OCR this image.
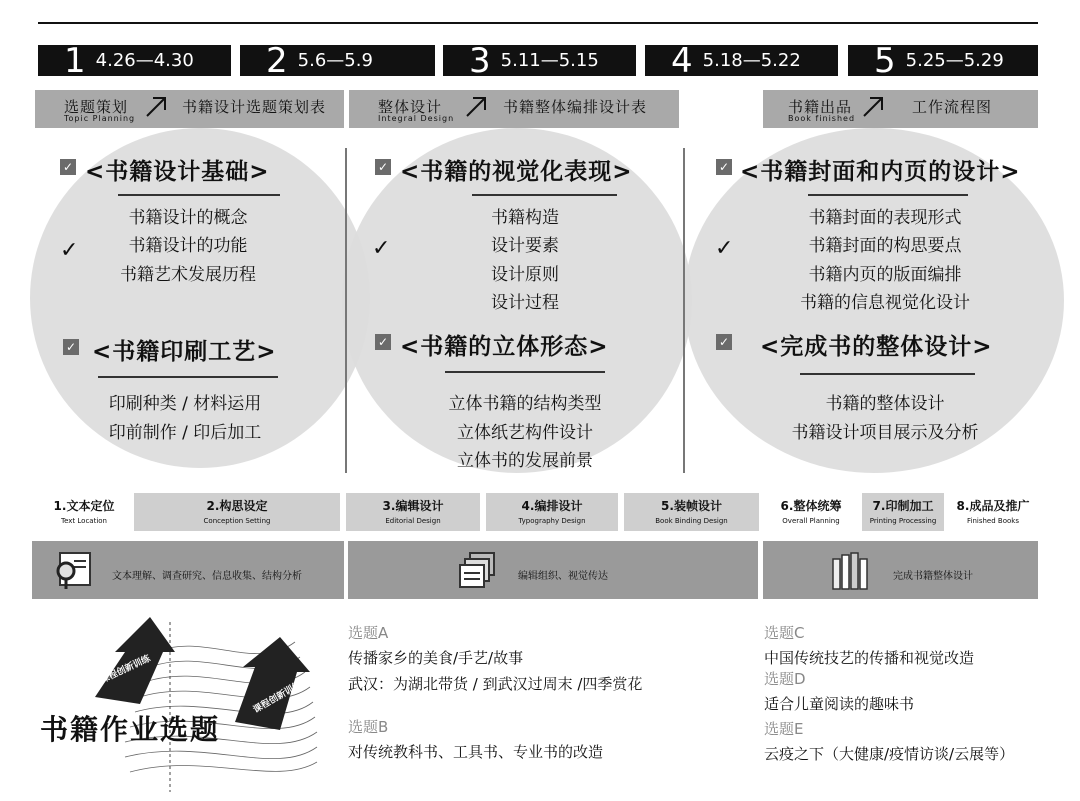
1 4.26—4.30 2 5.6—5.9	3 5.11—5.15 4 5.18—5.22 5 5.25—5.29
选题策划
Topic Planning
书籍设计选题策划表	整体设计
Integral Design
书籍整体编排设计表	书籍出品
Book finished
工作流程图
✓ <书籍设计基础>
✓
书籍设计的概念
书籍设计的功能
书籍艺术发展历程
✓ <书籍印刷工艺>
印刷种类 / 材料运用
印前制作 / 印后加工
✓ <书籍的视觉化表现>
✓
书籍构造
设计要素
设计原则
设计过程
✓ <书籍的立体形态>
立体书籍的结构类型
立体纸艺构件设计
立体书的发展前景
✓ <书籍封面和内页的设计>
✓
书籍封面的表现形式
书籍封面的构思要点
书籍内页的版面编排
书籍的信息视觉化设计
✓ <完成书的整体设计>
书籍的整体设计
书籍设计项目展示及分析
1.文本定位
Text Location
2.构思设定
Conception Setting
3.编辑设计
Editorial Design
4.编排设计
Typography Design
5.装帧设计
Book Binding Design
6.整体统筹
Overall Planning
7.印制加工
Printing Processing
8.成品及推广
Finished Books
文本理解、调查研究、信息收集、结构分析	编辑组织、视觉传达	完成书籍整体设计
课程创新训练
课程创新训练
书籍作业选题
选题A
传播家乡的美食/手艺/故事
武汉：为湖北带货 / 到武汉过周末 /四季赏花
选题B
对传统教科书、工具书、专业书的改造
选题C
中国传统技艺的传播和视觉改造
选题D
适合儿童阅读的趣味书
选题E
云疫之下（大健康/疫情访谈/云展等）
